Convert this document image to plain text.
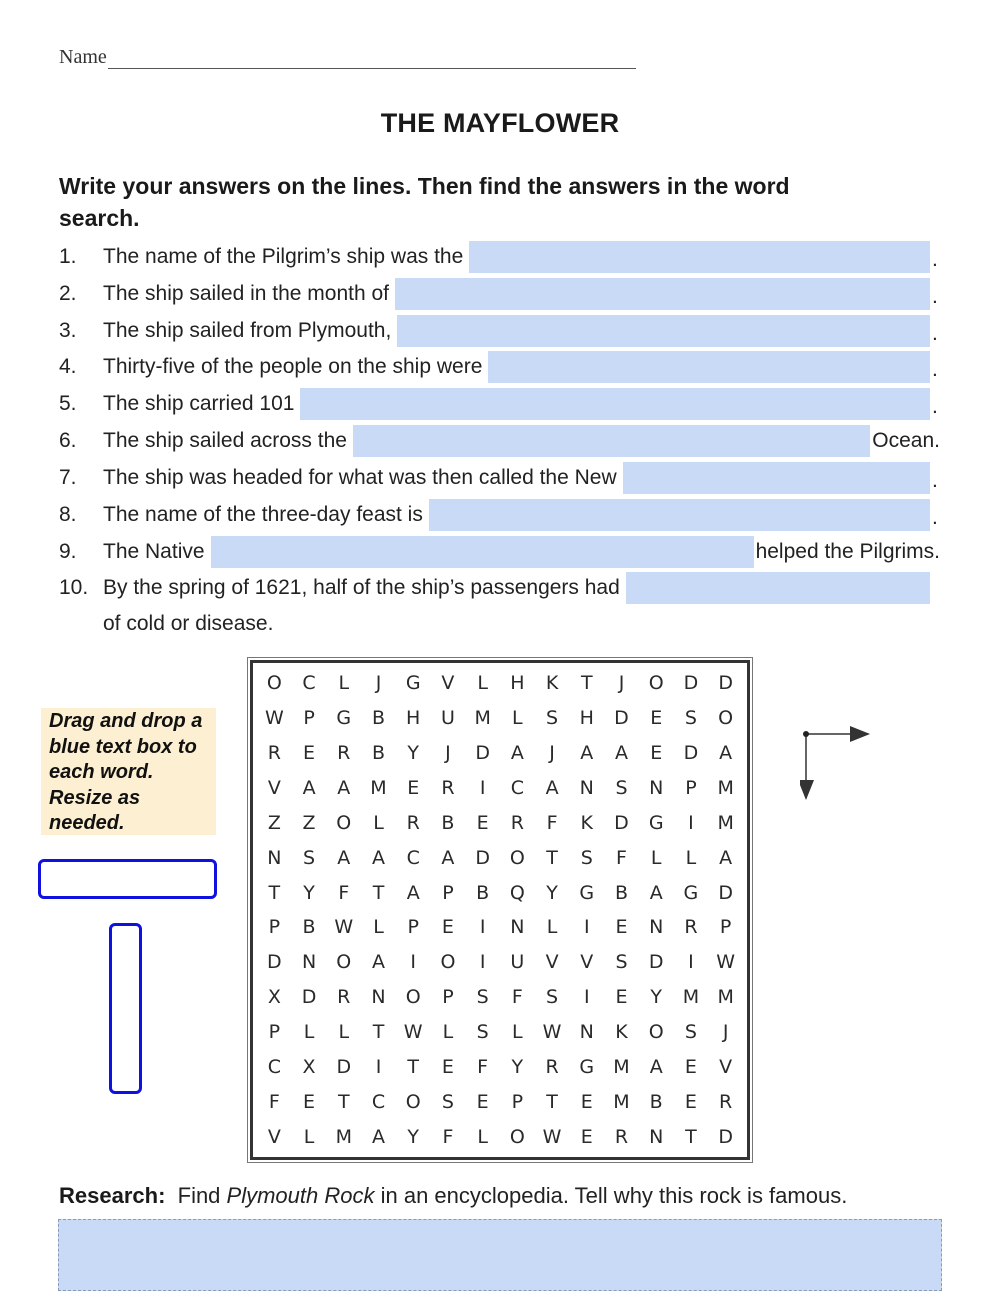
Name
THE MAYFLOWER
Write your answers on the lines. Then find the answers in the word search.
1.	The name of the Pilgrim’s ship was the	.
2.	The ship sailed in the month of	.
3.	The ship sailed from Plymouth,	.
4.	Thirty-five of the people on the ship were	.
5.	The ship carried 101	.
6.	The ship sailed across the	Ocean.
7.	The ship was headed for what was then called the New	.
8.	The name of the three-day feast is	.
9.	The Native	helped the Pilgrims.
10. By the spring of 1621, half of the ship’s passengers had
of cold or disease.
Drag and drop a blue text box to each word. Resize as needed.
O	C	L	J	G	V	L	H	K	T	J	O	D	D
W	P	G	B	H	U	M	L	S	H	D	E	S	O
R	E	R	B	Y	J	D	A	J	A	A	E	D	A
V	A	A	M	E	R	I	C	A	N	S	N	P	M
Z	Z	O	L	R	B	E	R	F	K	D	G	I	M
N	S	A	A	C	A	D	O	T	S	F	L	L	A
T	Y	F	T	A	P	B	Q	Y	G	B	A	G	D
P	B W	L	P	E	I	N	L	I	E	N	R	P
D	N	O	A	I	O	I	U	V	V	S	D	I	W
X	D	R	N	O	P	S	F	S	I	E	Y	M M
P	L	L	T	W	L	S	L	W N	K	O	S	J
C	X	D	I	T	E	F	Y	R	G	M	A	E	V
F	E	T	C	O	S	E	P	T	E	M	B	E	R
V	L	M	A	Y	F	L	O W	E	R	N	T	D
Research: Find Plymouth Rock in an encyclopedia. Tell why this rock is famous.
